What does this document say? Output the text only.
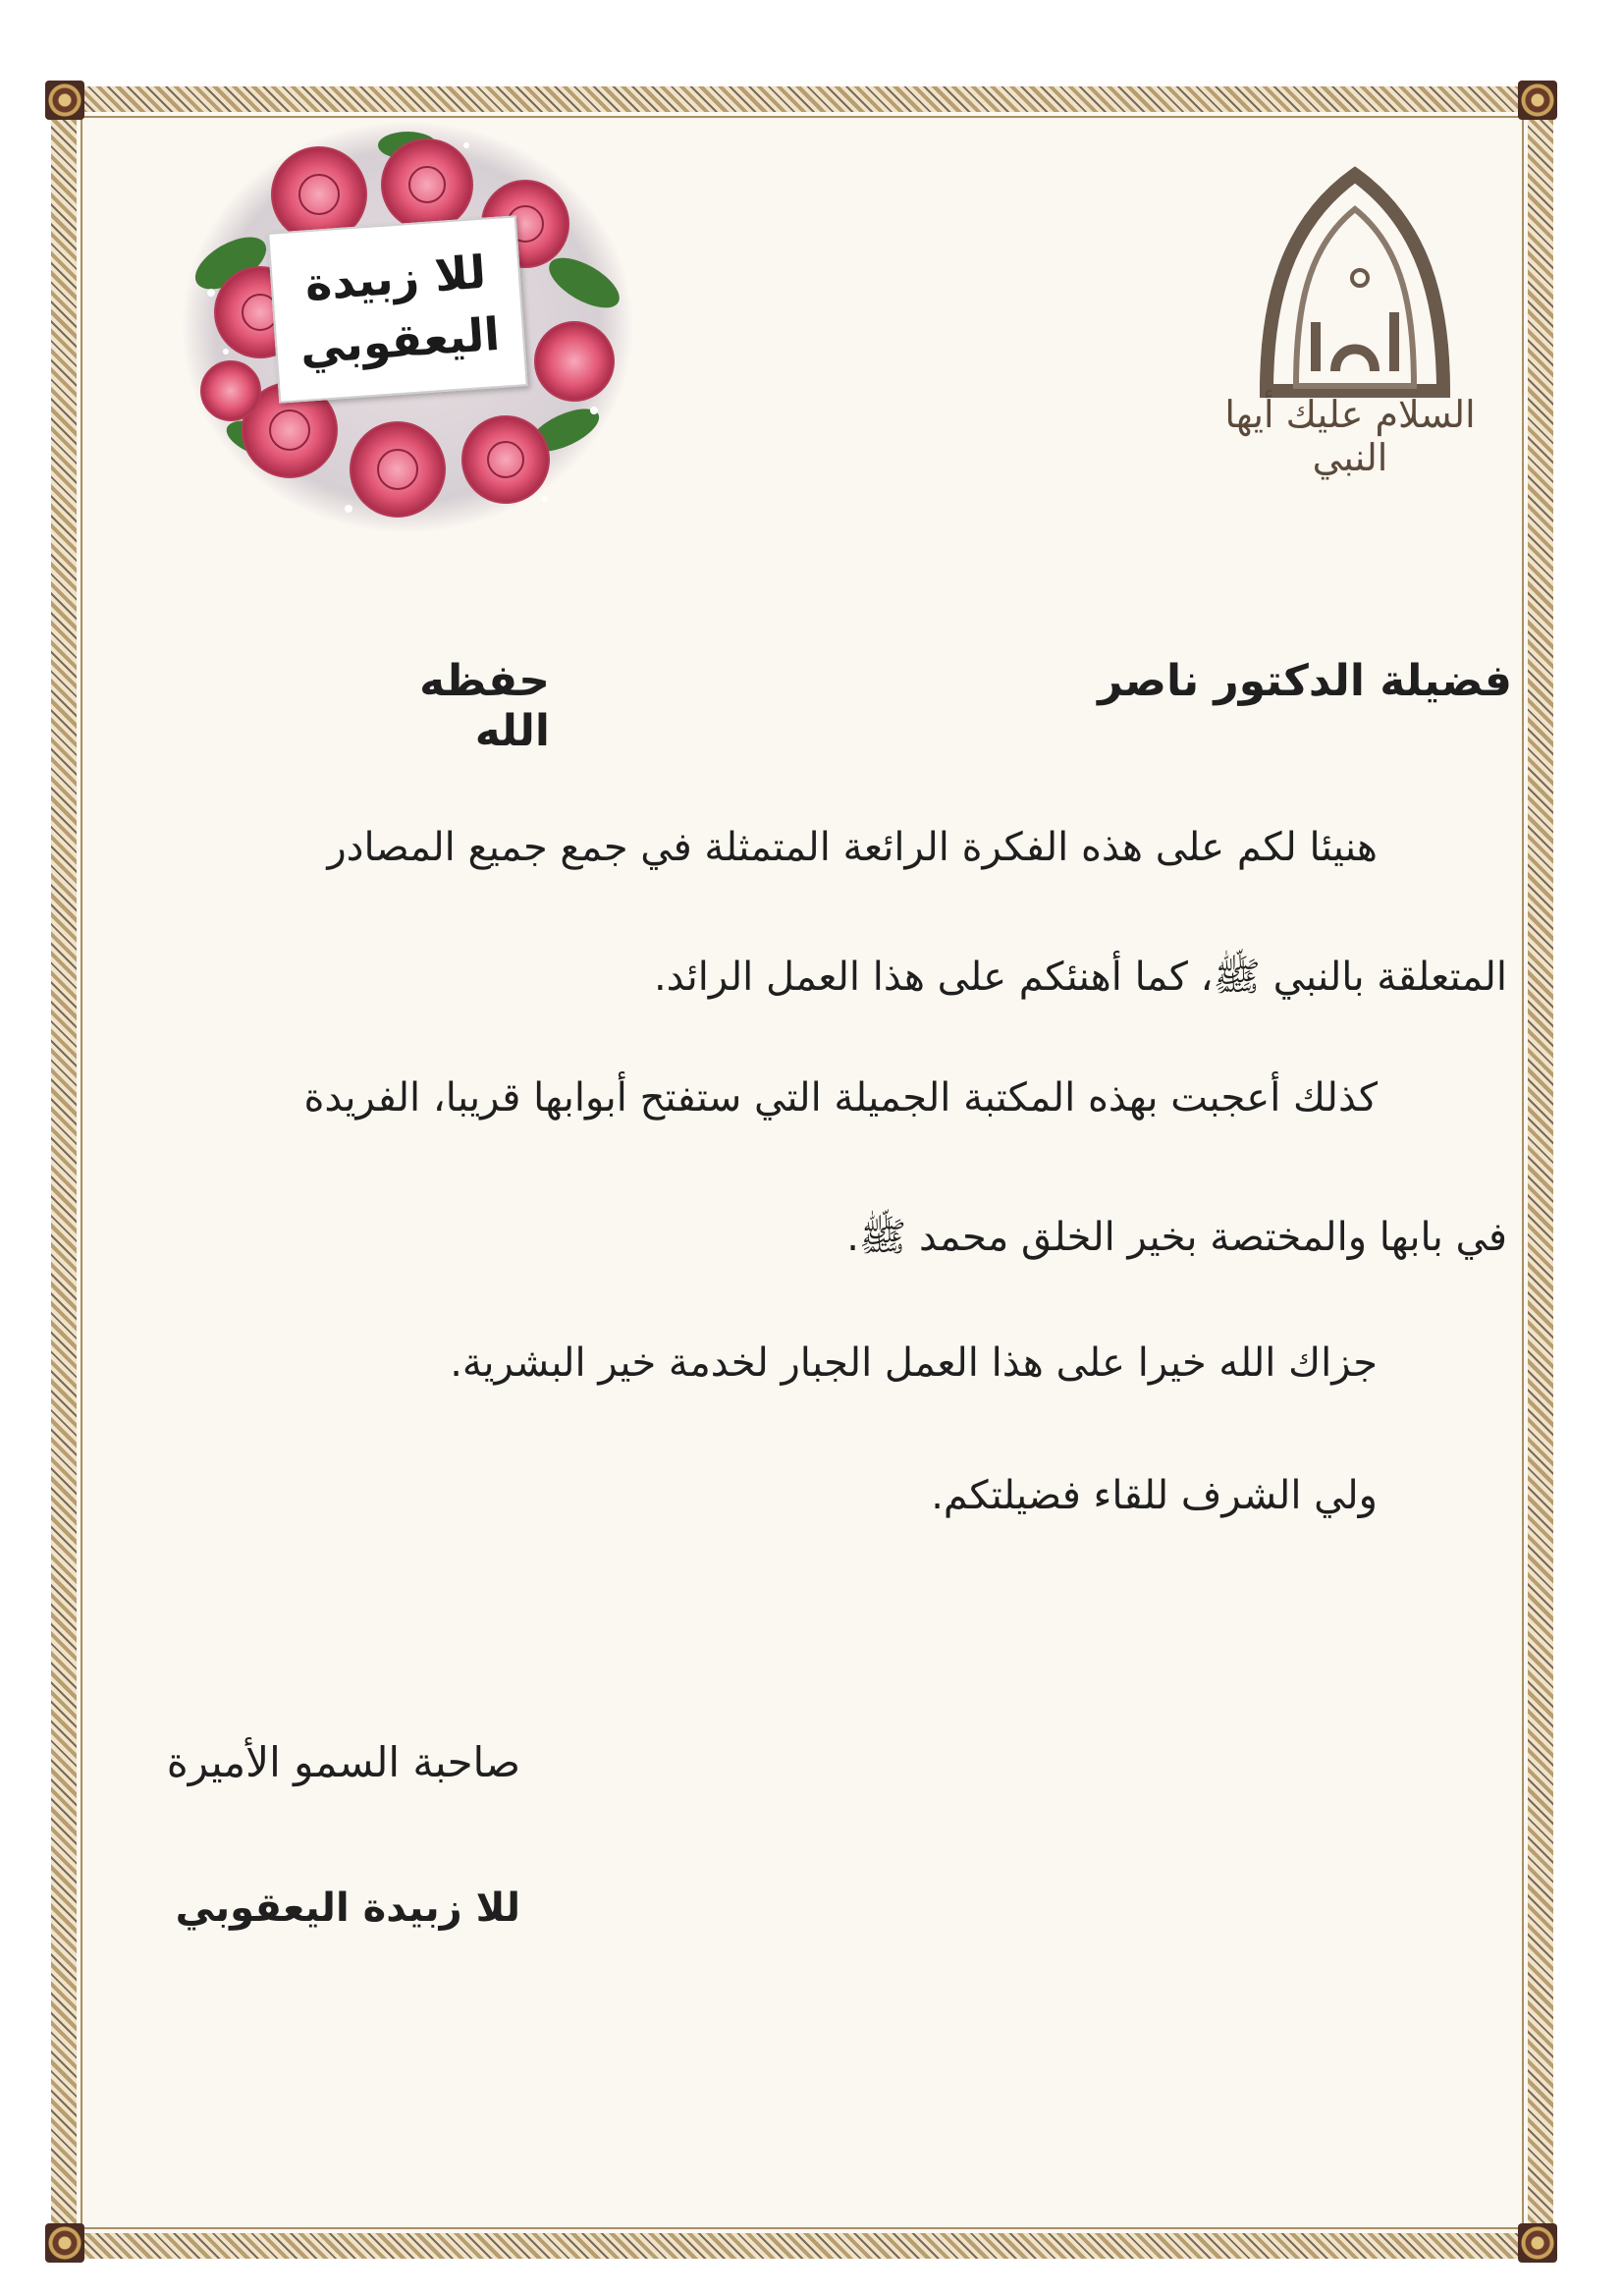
للا زبيدة
اليعقوبي
السلام عليك أيها النبي
فضيلة الدكتور ناصر
حفظه الله
هنيئا لكم على هذه الفكرة الرائعة المتمثلة في جمع جميع المصادر
المتعلقة بالنبي ﷺ، كما أهنئكم على هذا العمل الرائد.
كذلك أعجبت بهذه المكتبة الجميلة التي ستفتح أبوابها قريبا، الفريدة
في بابها والمختصة بخير الخلق محمد ﷺ.
جزاك الله خيرا على هذا العمل الجبار لخدمة خير البشرية.
ولي الشرف للقاء فضيلتكم.
صاحبة السمو الأميرة
للا زبيدة اليعقوبي
